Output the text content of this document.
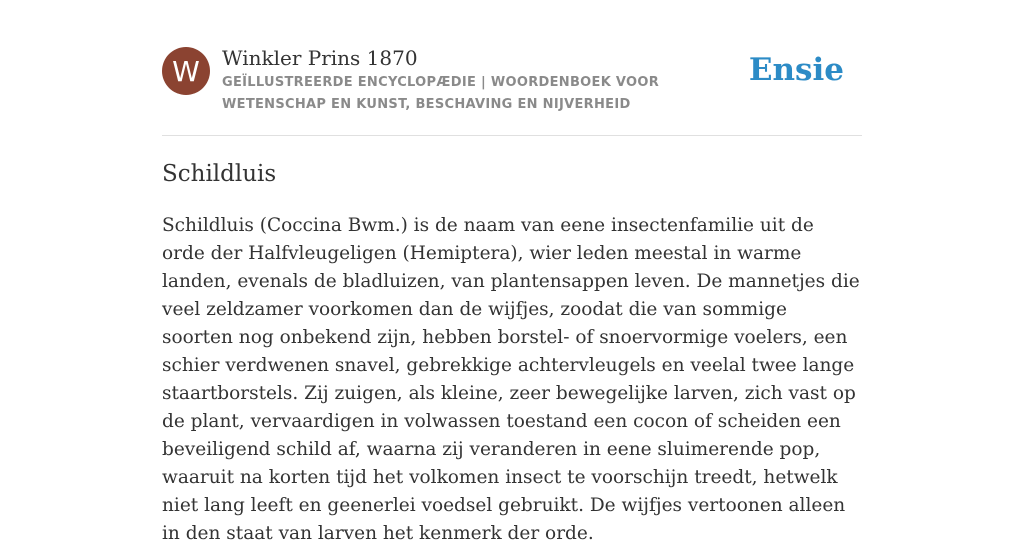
W	Winkler Prins 1870
GEÏLLUSTREERDE ENCYCLOPÆDIE | WOORDENBOEK VOOR WETENSCHAP EN KUNST, BESCHAVING EN NIJVERHEID
Ensie
Schildluis

Schildluis (Coccina Bwm.) is de naam van eene insectenfamilie uit de orde der Halfvleugeligen (Hemiptera), wier leden meestal in warme landen, evenals de bladluizen, van plantensappen leven. De mannetjes die veel zeldzamer voorkomen dan de wijfjes, zoodat die van sommige soorten nog onbekend zijn, hebben borstel- of snoervormige voelers, een schier verdwenen snavel, gebrekkige achtervleugels en veelal twee lange staartborstels. Zij zuigen, als kleine, zeer bewegelijke larven, zich vast op de plant, vervaardigen in volwassen toestand een cocon of scheiden een beveiligend schild af, waarna zij veranderen in eene sluimerende pop, waaruit na korten tijd het volkomen insect te voorschijn treedt, hetwelk niet lang leeft en geenerlei voedsel gebruikt. De wijfjes vertoonen alleen in den staat van larven het kenmerk der orde.
